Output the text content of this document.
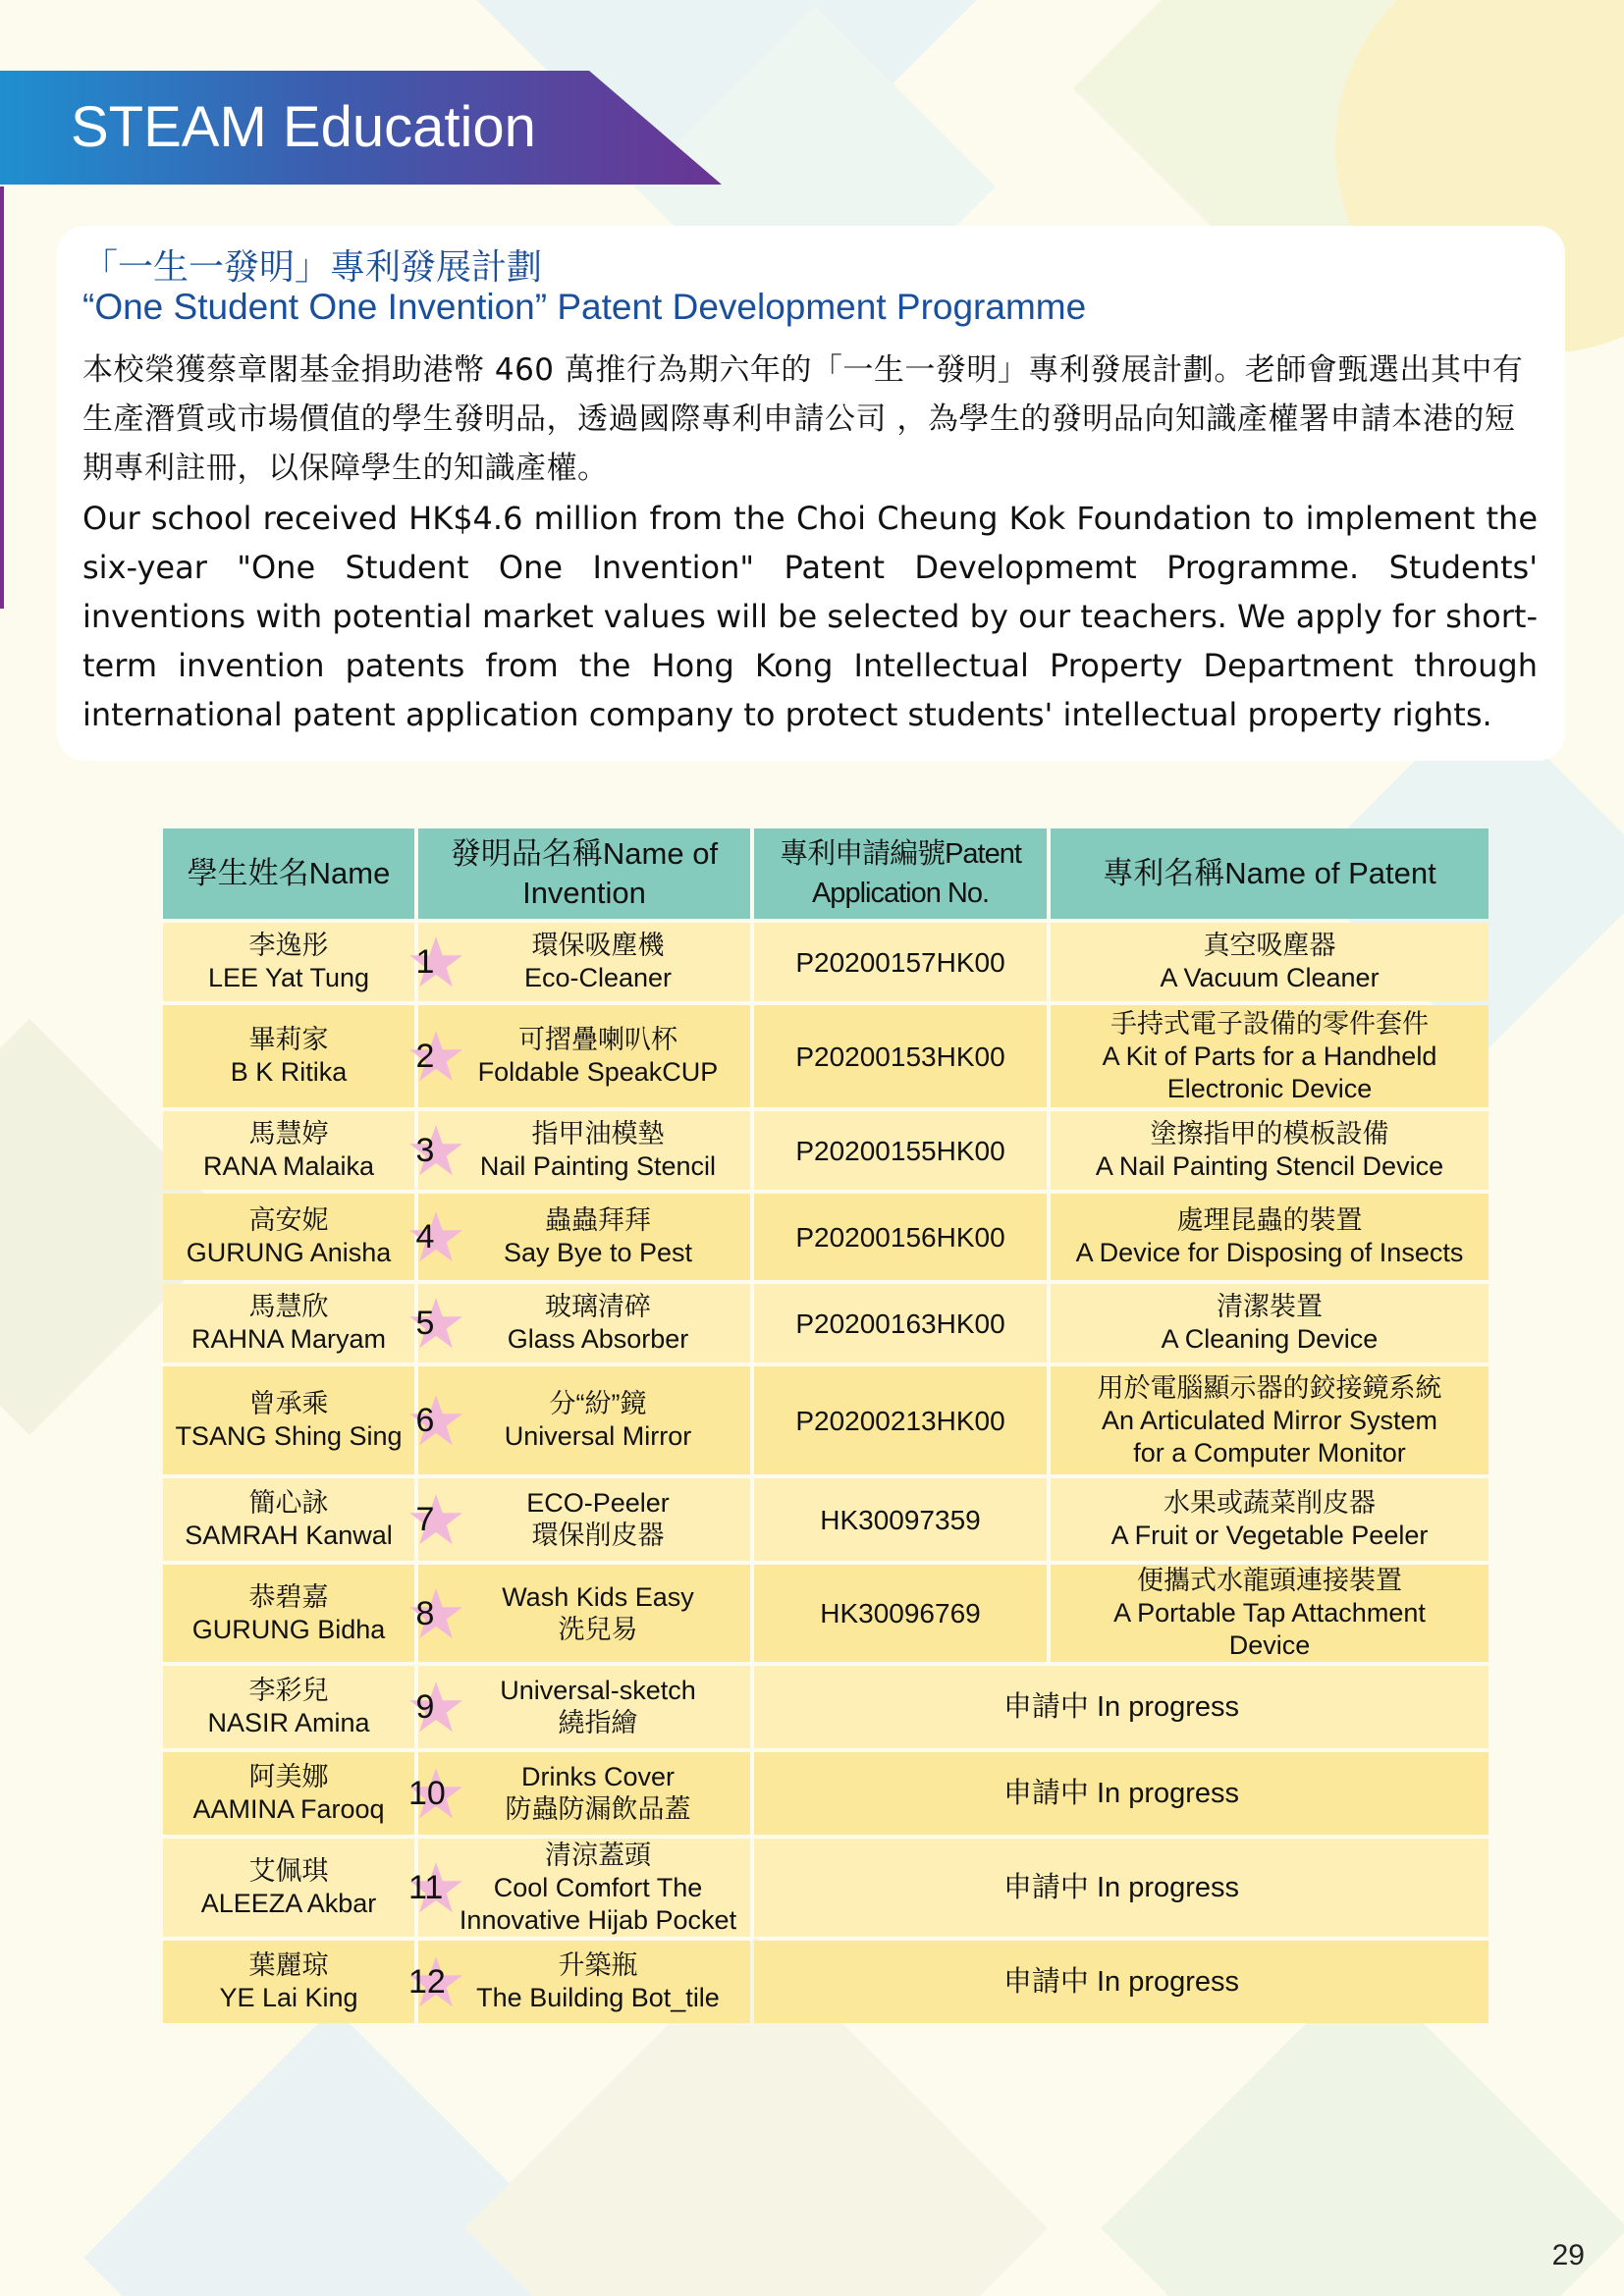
STEAM Education
「一生一發明」專利發展計劃
“One Student One Invention” Patent Development Programme
本校榮獲蔡章閣基金捐助港幣 460 萬推行為期六年的「一生一發明」專利發展計劃。老師會甄選出其中有生產潛質或市場價值的學生發明品，透過國際專利申請公司 ，為學生的發明品向知識產權署申請本港的短期專利註冊，以保障學生的知識產權。
Our school received HK$4.6 million from the Choi Cheung Kok Foundation to implement the six-year "One Student One Invention" Patent Developmemt Programme. Students' inventions with potential market values will be selected by our teachers. We apply for short-term invention patents from the Hong Kong Intellectual Property Department through international patent application company to protect students' intellectual property rights.
學生姓名Name	發明品名稱Name of Invention	專利申請編號Patent Application No.	專利名稱Name of Patent

李逸彤
LEE Yat Tung	1 環保吸塵機
Eco-Cleaner	P20200157HK00	真空吸塵器
A Vacuum Cleaner

畢莉家
B K Ritika	2 可摺疊喇叭杯
Foldable SpeakCUP	P20200153HK00	手持式電子設備的零件套件
A Kit of Parts for a Handheld
Electronic Device

馬慧婷
RANA Malaika	3 指甲油模墊
Nail Painting Stencil	P20200155HK00	塗擦指甲的模板設備
A Nail Painting Stencil Device

高安妮
GURUNG Anisha	4 蟲蟲拜拜
Say Bye to Pest	P20200156HK00	處理昆蟲的裝置
A Device for Disposing of Insects

馬慧欣
RAHNA Maryam	5 玻璃清碎
Glass Absorber	P20200163HK00	清潔裝置
A Cleaning Device

曾承乘
TSANG Shing Sing	6 分“紛”鏡
Universal Mirror	P20200213HK00	用於電腦顯示器的鉸接鏡系統
An Articulated Mirror System
for a Computer Monitor

簡心詠
SAMRAH Kanwal	7 ECO-Peeler
環保削皮器	HK30097359	水果或蔬菜削皮器
A Fruit or Vegetable Peeler

恭碧嘉
GURUNG Bidha	8 Wash Kids Easy
洗兒易	HK30096769	便攜式水龍頭連接裝置
A Portable Tap Attachment
Device

李彩兒
NASIR Amina	9 Universal-sketch
繞指繪	申請中 In progress	

阿美娜
AAMINA Farooq	10 Drinks Cover
防蟲防漏飲品蓋	申請中 In progress	

艾佩琪
ALEEZA Akbar	11
清涼蓋頭
Cool Comfort The
Innovative Hijab Pocket	申請中 In progress	

葉麗琼
YE Lai King	12 升築瓶
The Building Bot_tile	申請中 In progress	
29
